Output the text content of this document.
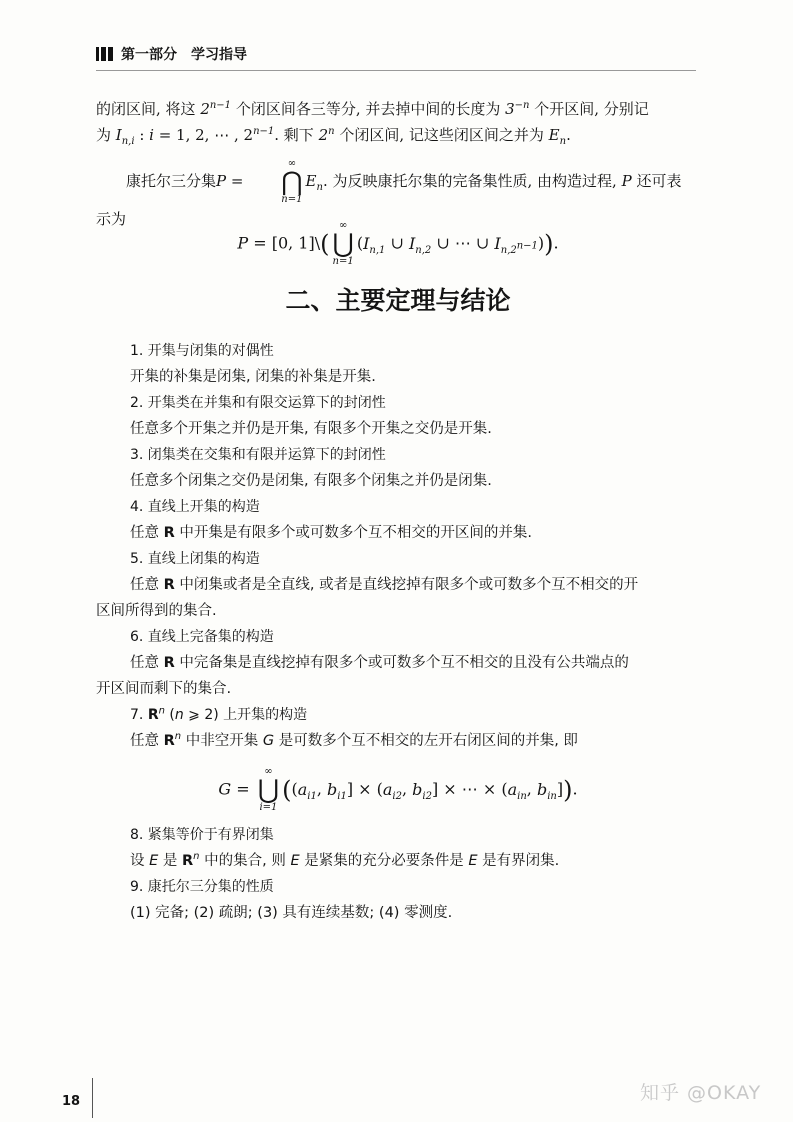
第一部分 学习指导

的闭区间, 将这 $2^{n-1}$ 个闭区间各三等分, 并去掉中间的长度为 $3^{-n}$ 个开区间, 分别记

为 $I_{n,i}$ : i = 1, 2, ⋯ , $2^{n-1}$. 剩下 2$^n$ 个闭区间, 记这些闭区间之并为 $E_n$.

康托尔三分集P =
∞
⋂
n=1
$E_n$. 为反映康托尔集的完备集性质, 由构造过程, P 还可表

示为

P = [0, 1]\(
∞
⋃
n=1
($I_{n,1}$ ∪ $I_{n,2}$ ∪ ⋯ ∪ $I_{n,2^{n-1}}$)).
二、主要定理与结论

1. 开集与闭集的对偶性

开集的补集是闭集, 闭集的补集是开集.

2. 开集类在并集和有限交运算下的封闭性

任意多个开集之并仍是开集, 有限多个开集之交仍是开集.

3. 闭集类在交集和有限并运算下的封闭性

任意多个闭集之交仍是闭集, 有限多个闭集之并仍是闭集.

4. 直线上开集的构造

任意 R 中开集是有限多个或可数多个互不相交的开区间的并集.

5. 直线上闭集的构造

任意 R 中闭集或者是全直线, 或者是直线挖掉有限多个或可数多个互不相交的开

区间所得到的集合.

6. 直线上完备集的构造

任意 R 中完备集是直线挖掉有限多个或可数多个互不相交的且没有公共端点的

开区间而剩下的集合.

7. $R^n$ (n ⩾ 2) 上开集的构造

任意 $R^n$ 中非空开集 G 是可数多个互不相交的左开右闭区间的并集, 即

G =
∞
⋃
i=1
(($a_{i1}$, $b_{i1}] \times (a_{i2}$, $b_{i2}$] × ⋯ × ($a_{in}$, $b_{in}$]).

8. 紧集等价于有界闭集

设 E 是 $R^n$ 中的集合, 则 E 是紧集的充分必要条件是 E 是有界闭集.

9. 康托尔三分集的性质

(1) 完备; (2) 疏朗; (3) 具有连续基数; (4) 零测度.

18	知乎 @OKAY
